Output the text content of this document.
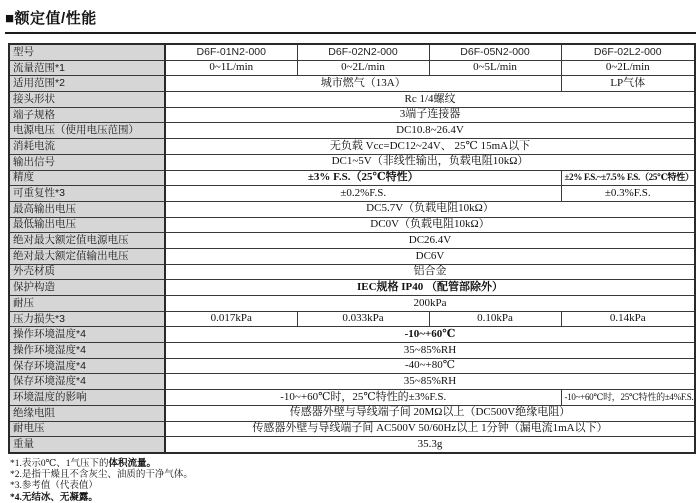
■额定值/性能
型号	D6F-01N2-000	D6F-02N2-000	D6F-05N2-000	D6F-02L2-000
流量范围*1	0~1L/min	0~2L/min	0~5L/min	0~2L/min
适用范围*2	城市燃气（13A）			LP气体
接头形状	Rc 1/4螺纹			
端子规格	3端子连接器			
电源电压（使用电压范围）	DC10.8~26.4V			
消耗电流	无负载 Vcc=DC12~24V、 25℃ 15mA以下			
输出信号	DC1~5V（非线性输出，负载电阻10kΩ）			
精度	±3% F.S.（25℃特性）			±2% F.S.~±7.5% F.S.（25℃特性）
可重复性*3	±0.2%F.S.			±0.3%F.S.
最高输出电压	DC5.7V（负载电阻10kΩ）			
最低输出电压	DC0V（负载电阻10kΩ）			
绝对最大额定值电源电压	DC26.4V			
绝对最大额定值输出电压	DC6V			
外壳材质	铝合金			
保护构造	IEC规格 IP40 （配管部除外）			
耐压	200kPa			
压力损失*3	0.017kPa	0.033kPa	0.10kPa	0.14kPa
操作环境温度*4	-10~+60℃			
操作环境湿度*4	35~85%RH			
保存环境温度*4	-40~+80℃			
保存环境湿度*4	35~85%RH			
环境温度的影响	-10~+60℃时，25℃特性的±3%F.S.			-10~+60℃时，25℃特性的±4%F.S.
绝缘电阻	传感器外壁与导线端子间 20MΩ以上（DC500V绝缘电阻）			
耐电压	传感器外壁与导线端子间 AC500V 50/60Hz以上 1分钟（漏电流1mA以下）			
重量	35.3g			
*1.表示0℃、1气压下的体积流量。
*2.是指干燥且不含灰尘、油质的干净气体。
*3.参考值（代表值）
*4.无结冰、无凝露。
